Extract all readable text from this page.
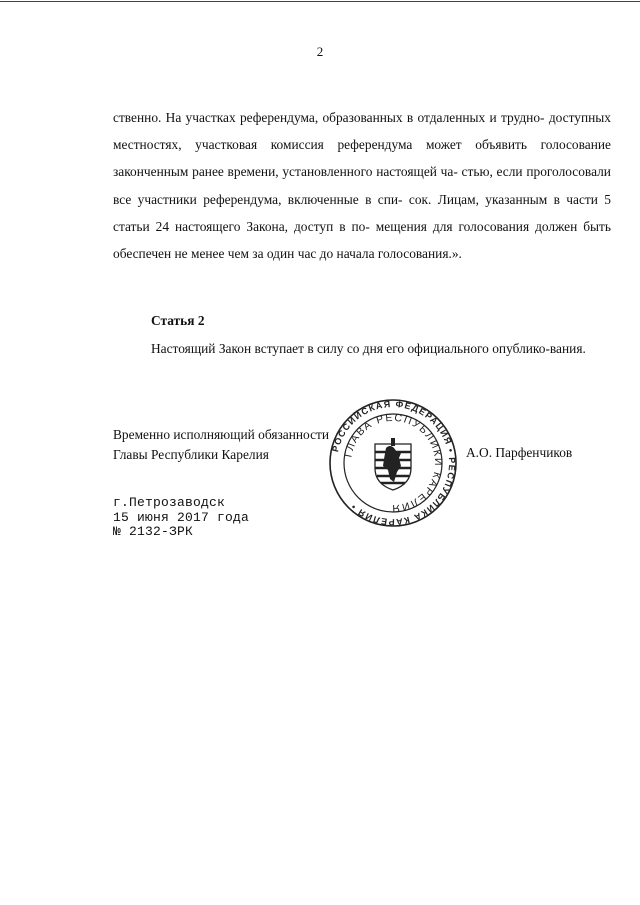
2

ственно. На участках референдума, образованных в отдаленных и трудно- доступных местностях, участковая комиссия референдума может объявить голосование законченным ранее времени, установленного настоящей ча- стью, если проголосовали все участники референдума, включенные в спи- сок. Лицам, указанным в части 5 статьи 24 настоящего Закона, доступ в по- мещения для голосования должен быть обеспечен не менее чем за один час до начала голосования.».

Статья 2
Настоящий Закон вступает в силу со дня его официального опублико-вания.
Временно исполняющий обязанности
Главы Республики Карелия	А.О. Парфенчиков
РОССИЙСКАЯ ФЕДЕРАЦИЯ • РЕСПУБЛИКА КАРЕЛИЯ •
ГЛАВА РЕСПУБЛИКИ КАРЕЛИЯ
г.Петрозаводск
15 июня 2017 года
№ 2132-ЗРК
